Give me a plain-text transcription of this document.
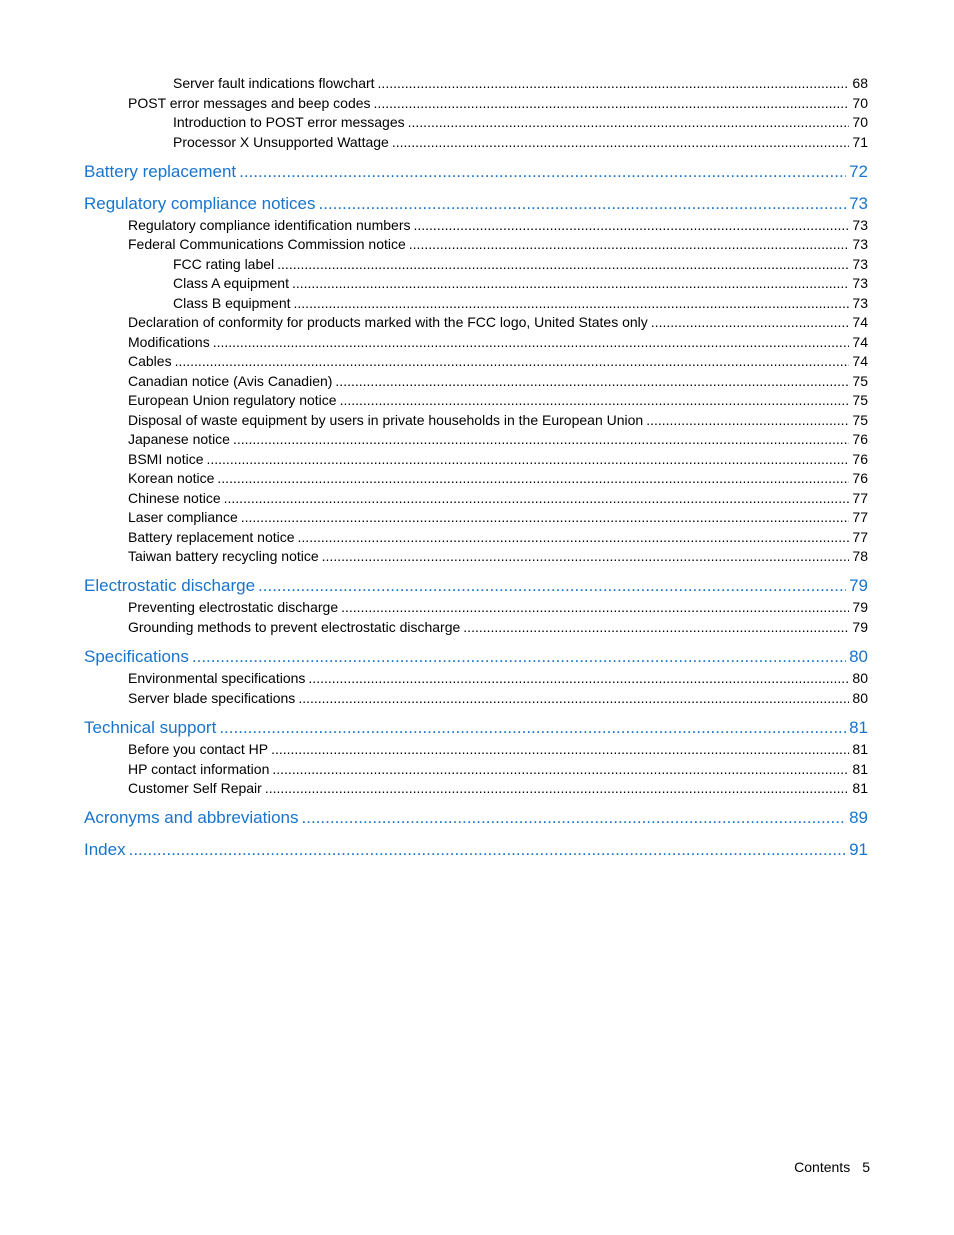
Server fault indications flowchart .....	68
POST error messages and beep codes .....	70
Introduction to POST error messages .....	70
Processor X Unsupported Wattage .....	71
Battery replacement .....	72
Regulatory compliance notices .....	73
Regulatory compliance identification numbers .....	73
Federal Communications Commission notice .....	73
FCC rating label .....	73
Class A equipment .....	73
Class B equipment .....	73
Declaration of conformity for products marked with the FCC logo, United States only .....	74
Modifications .....	74
Cables .....	74
Canadian notice (Avis Canadien) .....	75
European Union regulatory notice .....	75
Disposal of waste equipment by users in private households in the European Union .....	75
Japanese notice .....	76
BSMI notice .....	76
Korean notice .....	76
Chinese notice .....	77
Laser compliance .....	77
Battery replacement notice .....	77
Taiwan battery recycling notice .....	78
Electrostatic discharge .....	79
Preventing electrostatic discharge .....	79
Grounding methods to prevent electrostatic discharge .....	79
Specifications .....	80
Environmental specifications .....	80
Server blade specifications .....	80
Technical support .....	81
Before you contact HP .....	81
HP contact information .....	81
Customer Self Repair .....	81
Acronyms and abbreviations .....	89
Index .....	91
Contents 5
